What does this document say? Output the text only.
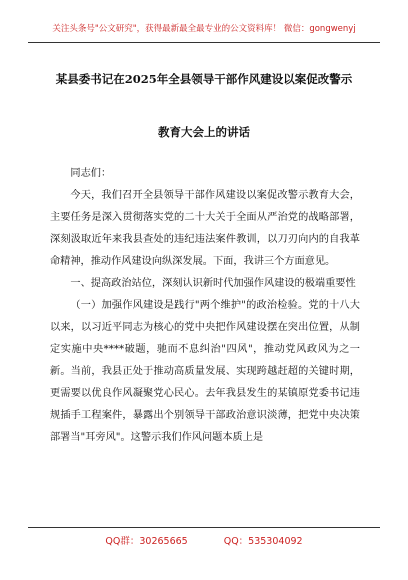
关注头条号"公文研究"，获得最新最全最专业的公文资料库！ 微信：gongwenyj
某县委书记在2025年全县领导干部作风建设以案促改警示
教育大会上的讲话

同志们：

今天，我们召开全县领导干部作风建设以案促改警示教育大会，主要任务是深入贯彻落实党的二十大关于全面从严治党的战略部署，深刻汲取近年来我县查处的违纪违法案件教训，以刀刃向内的自我革命精神，推动作风建设向纵深发展。下面，我讲三个方面意见。

一、提高政治站位，深刻认识新时代加强作风建设的极端重要性

（一）加强作风建设是践行"两个维护"的政治检验。党的十八大以来，以习近平同志为核心的党中央把作风建设摆在突出位置，从制定实施中央****破题，驰而不息纠治"四风"，推动党风政风为之一新。当前，我县正处于推动高质量发展、实现跨越赶超的关键时期，更需要以优良作风凝聚党心民心。去年我县发生的某镇原党委书记违规插手工程案件，暴露出个别领导干部政治意识淡薄，把党中央决策部署当"耳旁风"。这警示我们作风问题本质上是

QQ群：30265665	QQ：535304092
